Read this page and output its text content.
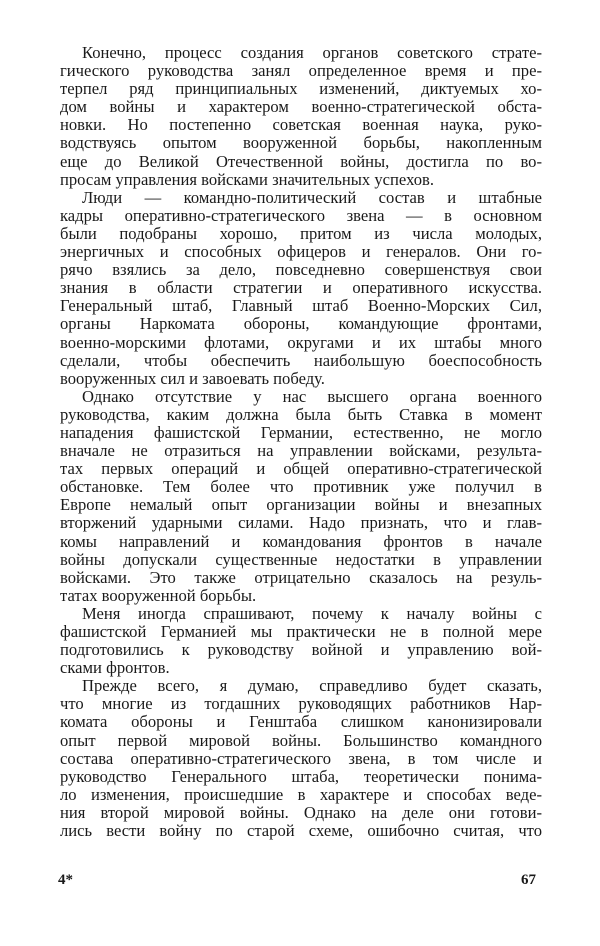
Конечно, процесс создания органов советского страте-
гического руководства занял определенное время и пре-
терпел ряд принципиальных изменений, диктуемых хо-
дом войны и характером военно-стратегической обста-
новки. Но постепенно советская военная наука, руко-
водствуясь опытом вооруженной борьбы, накопленным
еще до Великой Отечественной войны, достигла по во-
просам управления войсками значительных успехов.
Люди — командно-политический состав и штабные
кадры оперативно-стратегического звена — в основном
были подобраны хорошо, притом из числа молодых,
энергичных и способных офицеров и генералов. Они го-
рячо взялись за дело, повседневно совершенствуя свои
знания в области стратегии и оперативного искусства.
Генеральный штаб, Главный штаб Военно-Морских Сил,
органы Наркомата обороны, командующие фронтами,
военно-морскими флотами, округами и их штабы много
сделали, чтобы обеспечить наибольшую боеспособность
вооруженных сил и завоевать победу.
Однако отсутствие у нас высшего органа военного
руководства, каким должна была быть Ставка в момент
нападения фашистской Германии, естественно, не могло
вначале не отразиться на управлении войсками, результа-
тах первых операций и общей оперативно-стратегической
обстановке. Тем более что противник уже получил в
Европе немалый опыт организации войны и внезапных
вторжений ударными силами. Надо признать, что и глав-
комы направлений и командования фронтов в начале
войны допускали существенные недостатки в управлении
войсками. Это также отрицательно сказалось на резуль-
татах вооруженной борьбы.
Меня иногда спрашивают, почему к началу войны с
фашистской Германией мы практически не в полной мере
подготовились к руководству войной и управлению вой-
сками фронтов.
Прежде всего, я думаю, справедливо будет сказать,
что многие из тогдашних руководящих работников Нар-
комата обороны и Генштаба слишком канонизировали
опыт первой мировой войны. Большинство командного
состава оперативно-стратегического звена, в том числе и
руководство Генерального штаба, теоретически понима-
ло изменения, происшедшие в характере и способах веде-
ния второй мировой войны. Однако на деле они готови-
лись вести войну по старой схеме, ошибочно считая, что
4*	67
